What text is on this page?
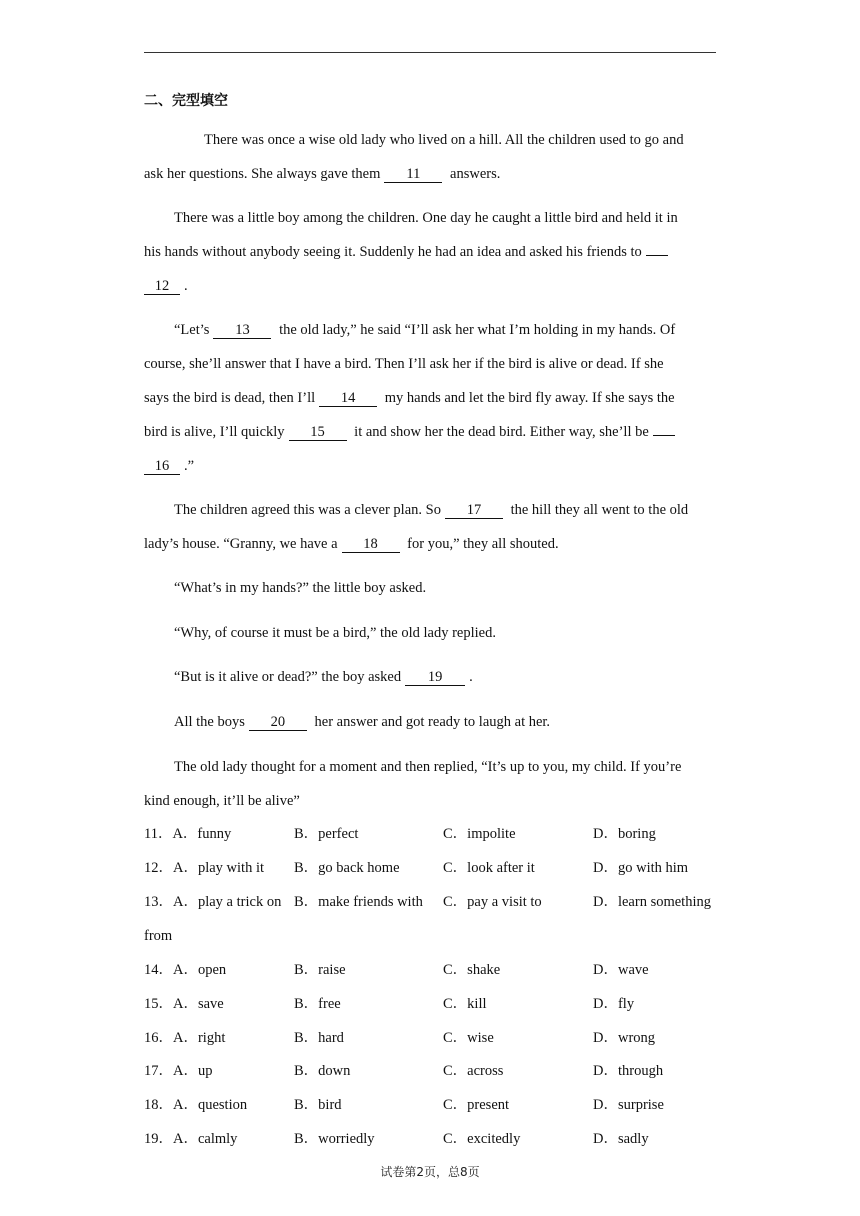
二、完型填空
There was once a wise old lady who lived on a hill. All the children used to go and
ask her questions. She always gave them 11 answers.
There was a little boy among the children. One day he caught a little bird and held it in
his hands without anybody seeing it. Suddenly he had an idea and asked his friends to
12 .
“Let’s 13 the old lady,” he said “I’ll ask her what I’m holding in my hands. Of
course, she’ll answer that I have a bird. Then I’ll ask her if the bird is alive or dead. If she
says the bird is dead, then I’ll 14 my hands and let the bird fly away. If she says the
bird is alive, I’ll quickly 15 it and show her the dead bird. Either way, she’ll be
16 .”
The children agreed this was a clever plan. So 17 the hill they all went to the old
lady’s house. “Granny, we have a 18 for you,” they all shouted.
“What’s in my hands?” the little boy asked.
“Why, of course it must be a bird,” the old lady replied.
“But is it alive or dead?” the boy asked 19 .
All the boys 20 her answer and got ready to laugh at her.
The old lady thought for a moment and then replied, “It’s up to you, my child. If you’re
kind enough, it’ll be alive”
11．A．funny	B．perfect	C．impolite	D．boring
12．A．play with it B．go back home	C．look after it	D．go with him
13．A．play a trick on B．make friends with C．pay a visit to	D．learn something
from
14．A．open	B．raise	C．shake	D．wave
15．A．save	B．free	C．kill	D．fly
16．A．right	B．hard	C．wise	D．wrong
17．A．up	B．down	C．across	D．through
18．A．question	B．bird	C．present	D．surprise
19．A．calmly	B．worriedly	C．excitedly	D．sadly
试卷第2页，总8页
